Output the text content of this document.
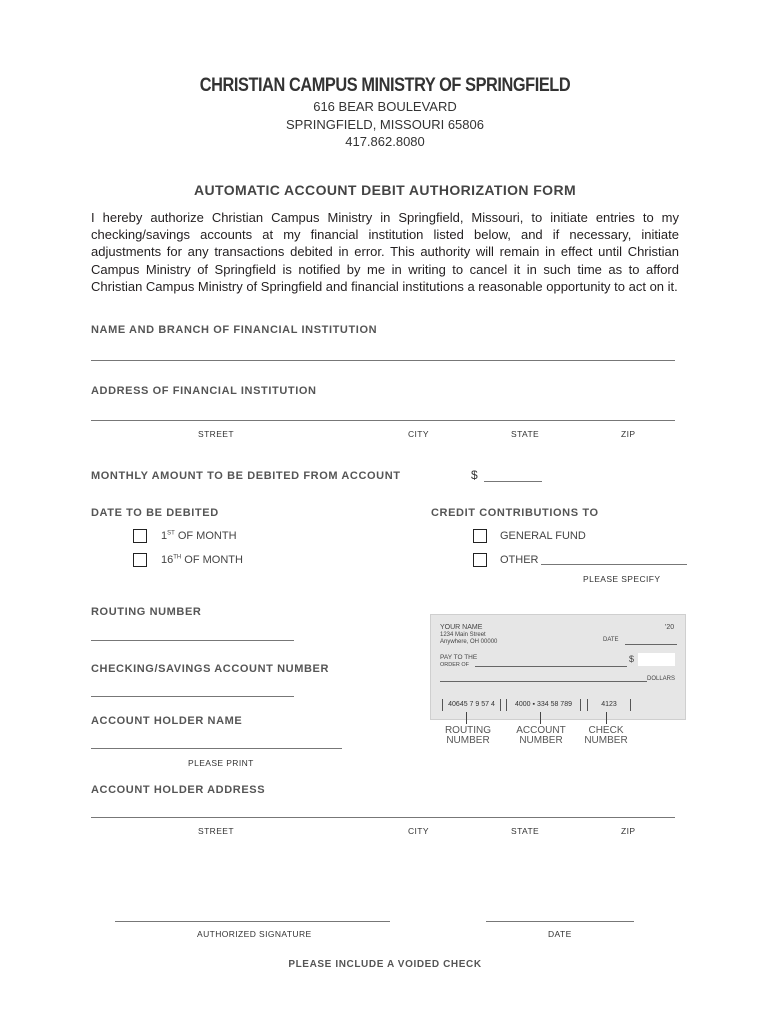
CHRISTIAN CAMPUS MINISTRY OF SPRINGFIELD
616 BEAR BOULEVARD
SPRINGFIELD, MISSOURI 65806
417.862.8080
AUTOMATIC ACCOUNT DEBIT AUTHORIZATION FORM
I hereby authorize Christian Campus Ministry in Springfield, Missouri, to initiate entries to my checking/savings accounts at my financial institution listed below, and if necessary, initiate adjustments for any transactions debited in error. This authority will remain in effect until Christian Campus Ministry of Springfield is notified by me in writing to cancel it in such time as to afford Christian Campus Ministry of Springfield and financial institutions a reasonable opportunity to act on it.
NAME AND BRANCH OF FINANCIAL INSTITUTION
ADDRESS OF FINANCIAL INSTITUTION
STREET	CITY	STATE	ZIP
MONTHLY AMOUNT TO BE DEBITED FROM ACCOUNT	$
DATE TO BE DEBITED
1ST OF MONTH
16TH OF MONTH
CREDIT CONTRIBUTIONS TO
GENERAL FUND
OTHER
PLEASE SPECIFY
ROUTING NUMBER
CHECKING/SAVINGS ACCOUNT NUMBER
ACCOUNT HOLDER NAME
PLEASE PRINT
YOUR NAME
1234 Main Street
Anywhere, OH 00000
'20
DATE
PAY TO THE
ORDER OF
$
DOLLARS
40645 7 9 57 4	4000 ▪ 334 58 789	4123
ROUTING
NUMBER
ACCOUNT
NUMBER
CHECK
NUMBER
ACCOUNT HOLDER ADDRESS
STREET	CITY	STATE	ZIP
AUTHORIZED SIGNATURE	DATE
PLEASE INCLUDE A VOIDED CHECK
